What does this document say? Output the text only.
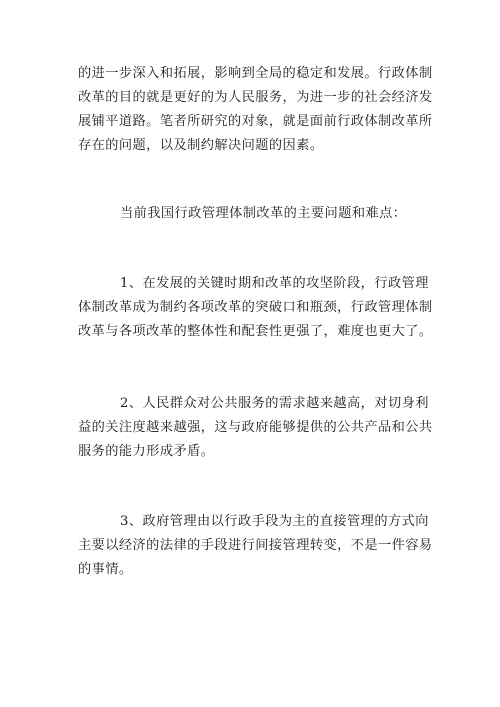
的进一步深入和拓展，影响到全局的稳定和发展。行政体制
改革的目的就是更好的为人民服务，为进一步的社会经济发
展铺平道路。笔者所研究的对象，就是面前行政体制改革所
存在的问题，以及制约解决问题的因素。

当前我国行政管理体制改革的主要问题和难点：

1、在发展的关键时期和改革的攻坚阶段，行政管理
体制改革成为制约各项改革的突破口和瓶颈，行政管理体制
改革与各项改革的整体性和配套性更强了，难度也更大了。

2、人民群众对公共服务的需求越来越高，对切身利
益的关注度越来越强，这与政府能够提供的公共产品和公共
服务的能力形成矛盾。

3、政府管理由以行政手段为主的直接管理的方式向
主要以经济的法律的手段进行间接管理转变，不是一件容易
的事情。
